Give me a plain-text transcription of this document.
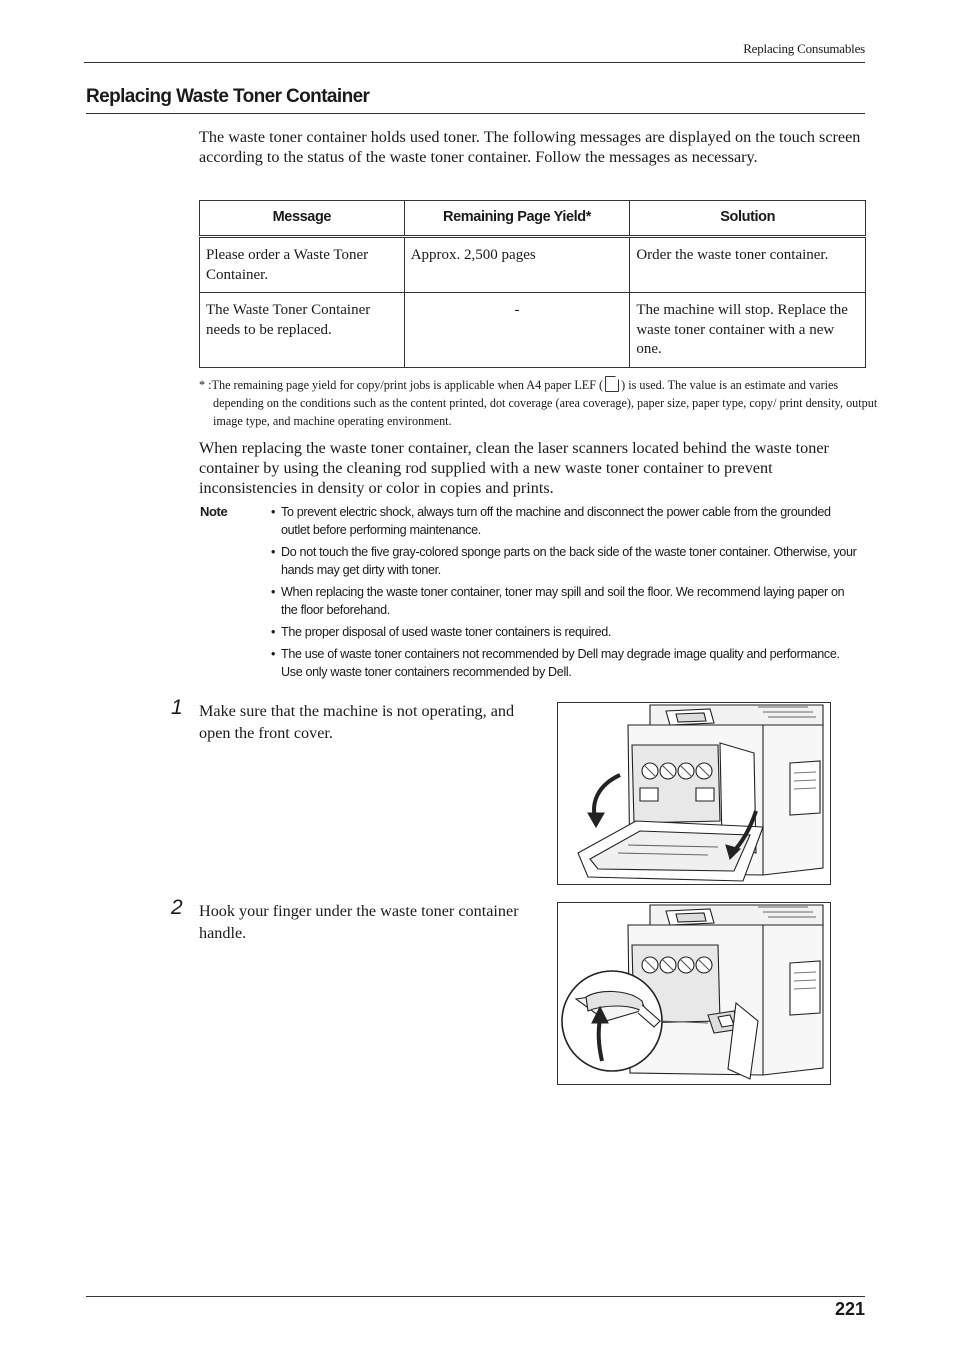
Replacing Consumables
Replacing Waste Toner Container
The waste toner container holds used toner. The following messages are displayed on the touch screen according to the status of the waste toner container. Follow the messages as necessary.
Message	Remaining Page Yield*	Solution
Please order a Waste Toner Container.	Approx. 2,500 pages	Order the waste toner container.
The Waste Toner Container needs to be replaced.	-	The machine will stop. Replace the waste toner container with a new one.
* :The remaining page yield for copy/print jobs is applicable when A4 paper LEF ( ) is used. The value is an estimate and varies depending on the conditions such as the content printed, dot coverage (area coverage), paper size, paper type, copy/ print density, output image type, and machine operating environment.
When replacing the waste toner container, clean the laser scanners located behind the waste toner container by using the cleaning rod supplied with a new waste toner container to prevent inconsistencies in density or color in copies and prints.
Note	• To prevent electric shock, always turn off the machine and disconnect the power cable from the grounded outlet before performing maintenance.
• Do not touch the five gray-colored sponge parts on the back side of the waste toner container. Otherwise, your hands may get dirty with toner.
• When replacing the waste toner container, toner may spill and soil the floor. We recommend laying paper on the floor beforehand.
• The proper disposal of used waste toner containers is required.
• The use of waste toner containers not recommended by Dell may degrade image quality and performance. Use only waste toner containers recommended by Dell.
1 Make sure that the machine is not operating, and open the front cover.
2 Hook your finger under the waste toner container handle.
221
